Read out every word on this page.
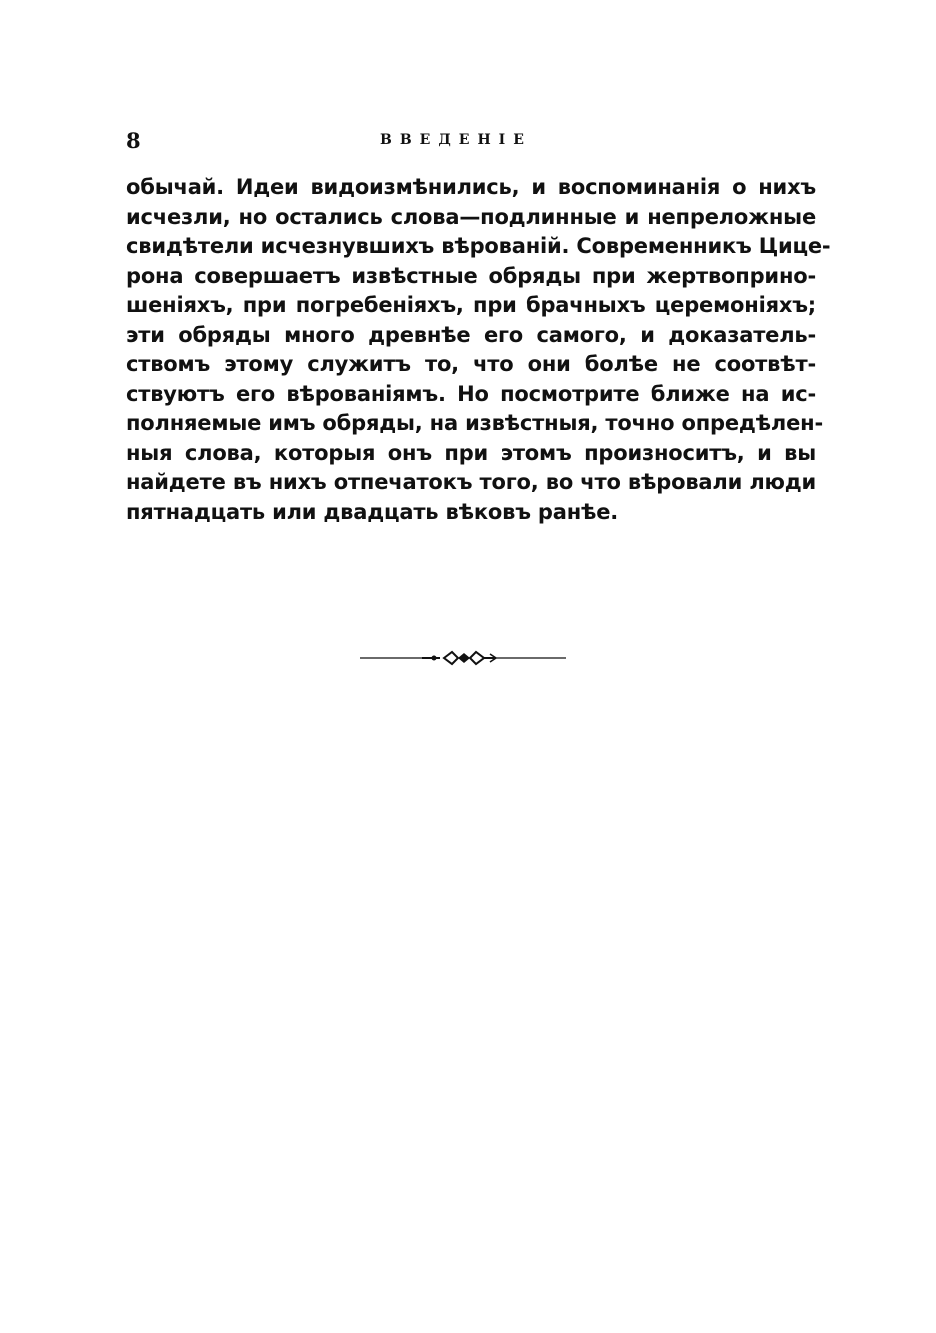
8	ВВЕДЕНІЕ

обычай. Идеи видоизмѣнились, и воспоминанія о нихъ
исчезли, но остались слова—подлинные и непреложные
свидѣтели исчезнувшихъ вѣрованій. Современникъ Цице-
рона совершаетъ извѣстные обряды при жертвоприно-
шеніяхъ, при погребеніяхъ, при брачныхъ церемоніяхъ;
эти обряды много древнѣе его самого, и доказатель-
ствомъ этому служитъ то, что они болѣе не соотвѣт-
ствуютъ его вѣрованіямъ. Но посмотрите ближе на ис-
полняемые имъ обряды, на извѣстныя, точно опредѣлен-
ныя слова, которыя онъ при этомъ произноситъ, и вы
найдете въ нихъ отпечатокъ того, во что вѣровали люди
пятнадцать или двадцать вѣковъ ранѣе.
